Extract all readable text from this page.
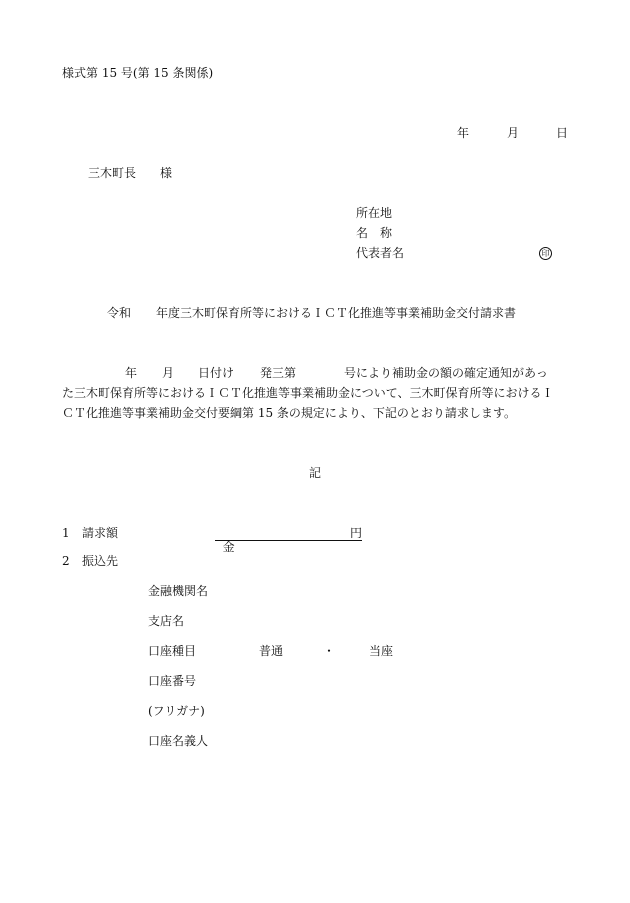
様式第 15 号(第 15 条関係)
年	月	日
三木町長 様
所在地
名　称
代表者名	印
令和 年度三木町保育所等におけるＩＣＴ化推進等事業補助金交付請求書
年 月 日付け 発三第	号により補助金の額の確定通知があっ
た三木町保育所等におけるＩＣＴ化推進等事業補助金について、三木町保育所等におけるＩ
ＣＴ化推進等事業補助金交付要綱第 15 条の規定により、下記のとおり請求します。
記
1 請求額

金

円

2 振込先
金融機関名
支店名
口座種目	普通	・	当座
口座番号
(フリガナ)
口座名義人
